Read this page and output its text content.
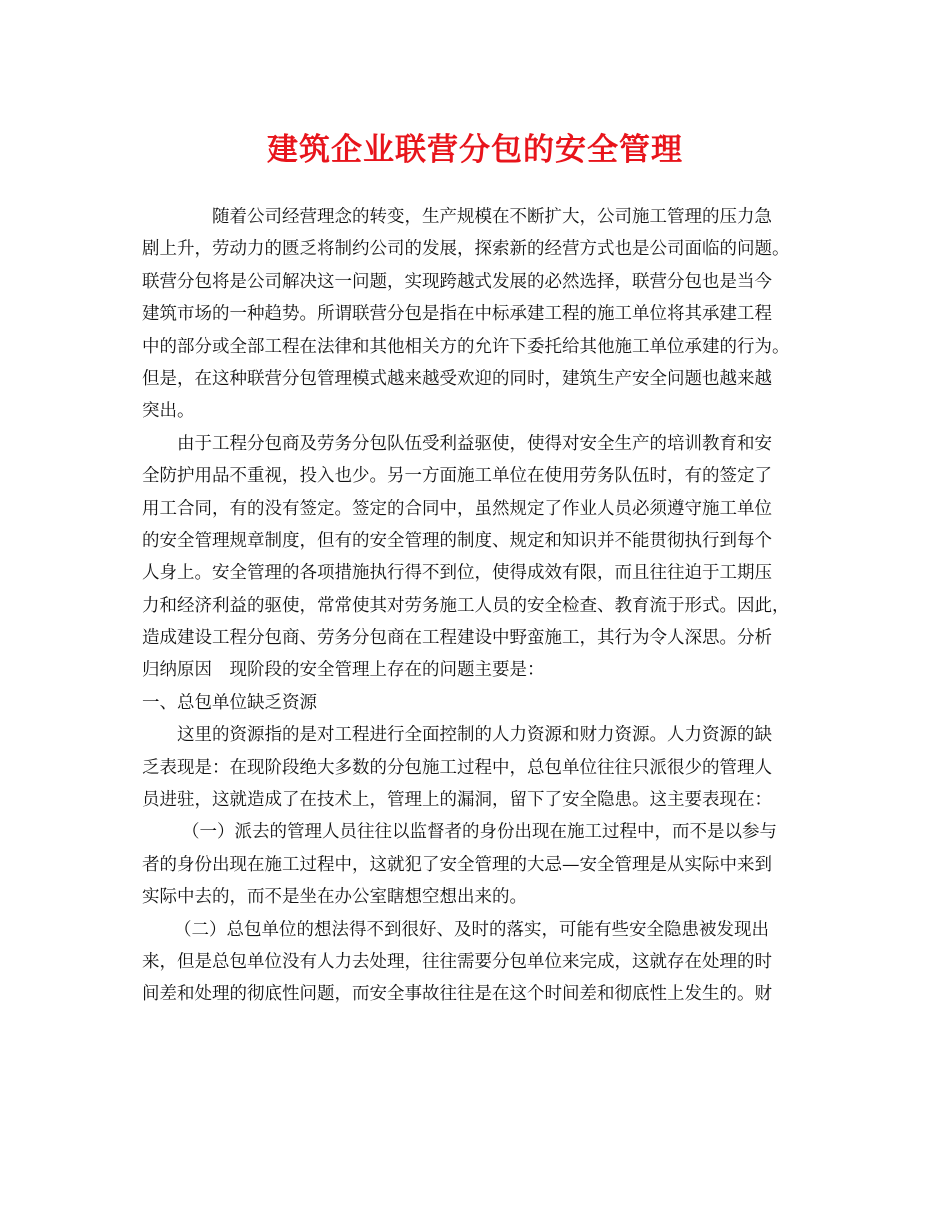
建筑企业联营分包的安全管理

随着公司经营理念的转变，生产规模在不断扩大，公司施工管理的压力急
剧上升，劳动力的匮乏将制约公司的发展，探索新的经营方式也是公司面临的问题。
联营分包将是公司解决这一问题，实现跨越式发展的必然选择，联营分包也是当今
建筑市场的一种趋势。所谓联营分包是指在中标承建工程的施工单位将其承建工程
中的部分或全部工程在法律和其他相关方的允许下委托给其他施工单位承建的行为。
但是，在这种联营分包管理模式越来越受欢迎的同时，建筑生产安全问题也越来越
突出。

由于工程分包商及劳务分包队伍受利益驱使，使得对安全生产的培训教育和安
全防护用品不重视，投入也少。另一方面施工单位在使用劳务队伍时，有的签定了
用工合同，有的没有签定。签定的合同中，虽然规定了作业人员必须遵守施工单位
的安全管理规章制度，但有的安全管理的制度、规定和知识并不能贯彻执行到每个
人身上。安全管理的各项措施执行得不到位，使得成效有限，而且往往迫于工期压
力和经济利益的驱使，常常使其对劳务施工人员的安全检查、教育流于形式。因此，
造成建设工程分包商、劳务分包商在工程建设中野蛮施工，其行为令人深思。分析
归纳原因　现阶段的安全管理上存在的问题主要是：

一、总包单位缺乏资源

这里的资源指的是对工程进行全面控制的人力资源和财力资源。人力资源的缺
乏表现是：在现阶段绝大多数的分包施工过程中，总包单位往往只派很少的管理人
员进驻，这就造成了在技术上，管理上的漏洞，留下了安全隐患。这主要表现在：

（一）派去的管理人员往往以监督者的身份出现在施工过程中，而不是以参与
者的身份出现在施工过程中，这就犯了安全管理的大忌—安全管理是从实际中来到
实际中去的，而不是坐在办公室瞎想空想出来的。

（二）总包单位的想法得不到很好、及时的落实，可能有些安全隐患被发现出
来，但是总包单位没有人力去处理，往往需要分包单位来完成，这就存在处理的时
间差和处理的彻底性问题，而安全事故往往是在这个时间差和彻底性上发生的。财
